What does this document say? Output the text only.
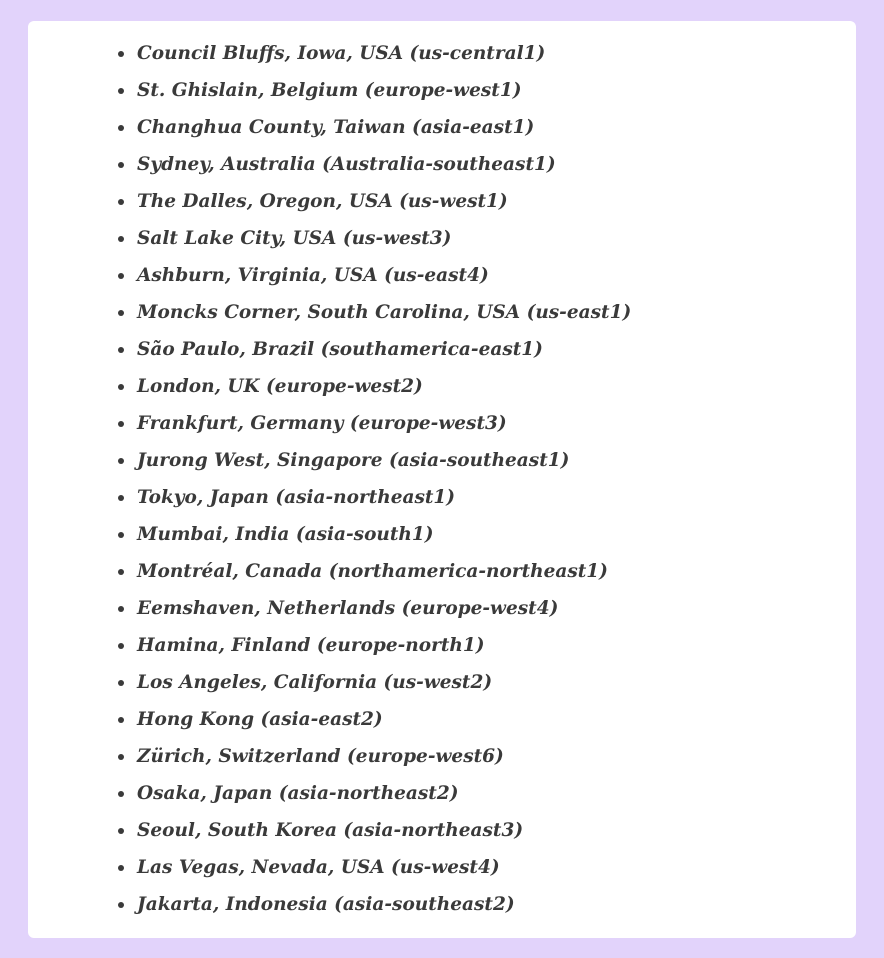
Council Bluffs, Iowa, USA (us-central1)
St. Ghislain, Belgium (europe-west1)
Changhua County, Taiwan (asia-east1)
Sydney, Australia (Australia-southeast1)
The Dalles, Oregon, USA (us-west1)
Salt Lake City, USA (us-west3)
Ashburn, Virginia, USA (us-east4)
Moncks Corner, South Carolina, USA (us-east1)
São Paulo, Brazil (southamerica-east1)
London, UK (europe-west2)
Frankfurt, Germany (europe-west3)
Jurong West, Singapore (asia-southeast1)
Tokyo, Japan (asia-northeast1)
Mumbai, India (asia-south1)
Montréal, Canada (northamerica-northeast1)
Eemshaven, Netherlands (europe-west4)
Hamina, Finland (europe-north1)
Los Angeles, California (us-west2)
Hong Kong (asia-east2)
Zürich, Switzerland (europe-west6)
Osaka, Japan (asia-northeast2)
Seoul, South Korea (asia-northeast3)
Las Vegas, Nevada, USA (us-west4)
Jakarta, Indonesia (asia-southeast2)
